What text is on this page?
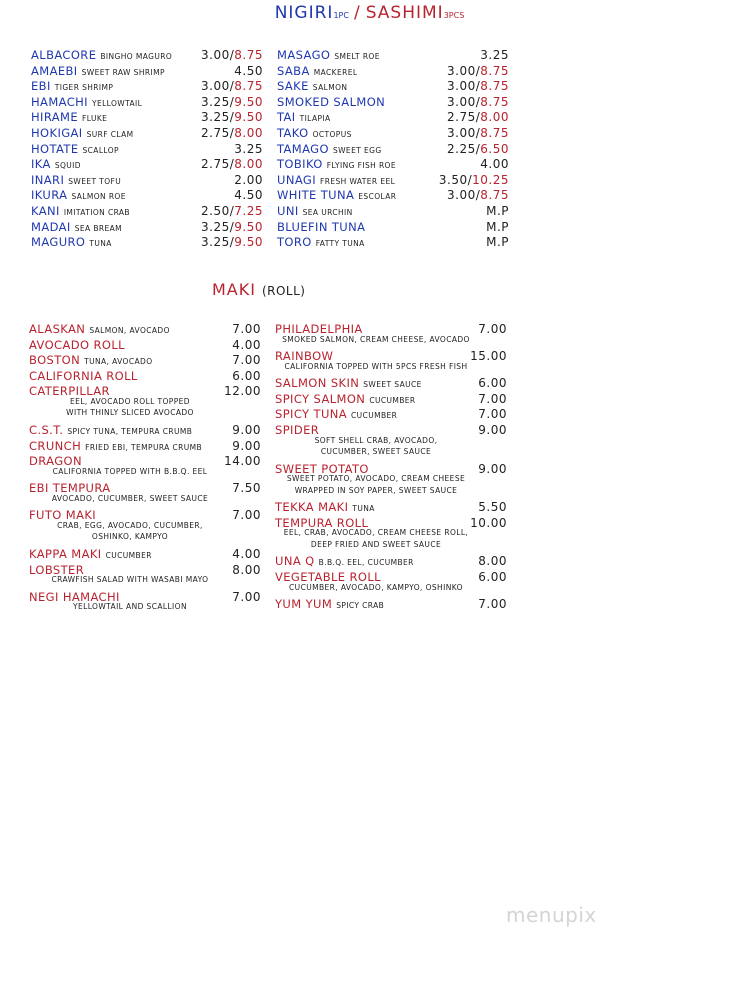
NIGIRI1PC / SASHIMI3PCS
ALBACORE BINGHO MAGURO 3.00/8.75
AMAEBI SWEET RAW SHRIMP	4.50
EBI TIGER SHRIMP	3.00/8.75
HAMACHI YELLOWTAIL	3.25/9.50
HIRAME FLUKE	3.25/9.50
HOKIGAI SURF CLAM	2.75/8.00
HOTATE SCALLOP	3.25
IKA SQUID	2.75/8.00
INARI SWEET TOFU	2.00
IKURA SALMON ROE	4.50
KANI IMITATION CRAB	2.50/7.25
MADAI SEA BREAM	3.25/9.50
MAGURO TUNA	3.25/9.50
MASAGO SMELT ROE	3.25
SABA MACKEREL	3.00/8.75
SAKE SALMON	3.00/8.75
SMOKED SALMON	3.00/8.75
TAI TILAPIA	2.75/8.00
TAKO OCTOPUS	3.00/8.75
TAMAGO SWEET EGG	2.25/6.50
TOBIKO FLYING FISH ROE	4.00
UNAGI FRESH WATER EEL	3.50/10.25
WHITE TUNA ESCOLAR	3.00/8.75
UNI SEA URCHIN	M.P
BLUEFIN TUNA	M.P
TORO FATTY TUNA	M.P
MAKI (ROLL)
ALASKAN SALMON, AVOCADO	7.00
AVOCADO ROLL	4.00
BOSTON TUNA, AVOCADO	7.00
CALIFORNIA ROLL	6.00
CATERPILLAR	12.00
EEL, AVOCADO ROLL TOPPED
WITH THINLY SLICED AVOCADO
C.S.T. SPICY TUNA, TEMPURA CRUMB	9.00
CRUNCH FRIED EBI, TEMPURA CRUMB	9.00
DRAGON	14.00
CALIFORNIA TOPPED WITH B.B.Q. EEL
EBI TEMPURA	7.50
AVOCADO, CUCUMBER, SWEET SAUCE
FUTO MAKI	7.00
CRAB, EGG, AVOCADO, CUCUMBER,
OSHINKO, KAMPYO
KAPPA MAKI CUCUMBER	4.00
LOBSTER	8.00
CRAWFISH SALAD WITH WASABI MAYO
NEGI HAMACHI	7.00
YELLOWTAIL AND SCALLION
PHILADELPHIA	7.00
SMOKED SALMON, CREAM CHEESE, AVOCADO
RAINBOW	15.00
CALIFORNIA TOPPED WITH 5PCS FRESH FISH
SALMON SKIN SWEET SAUCE	6.00
SPICY SALMON CUCUMBER	7.00
SPICY TUNA CUCUMBER	7.00
SPIDER	9.00
SOFT SHELL CRAB, AVOCADO,
CUCUMBER, SWEET SAUCE
SWEET POTATO	9.00
SWEET POTATO, AVOCADO, CREAM CHEESE
WRAPPED IN SOY PAPER, SWEET SAUCE
TEKKA MAKI TUNA	5.50
TEMPURA ROLL	10.00
EEL, CRAB, AVOCADO, CREAM CHEESE ROLL,
DEEP FRIED AND SWEET SAUCE
UNA Q B.B.Q. EEL, CUCUMBER	8.00
VEGETABLE ROLL	6.00
CUCUMBER, AVOCADO, KAMPYO, OSHINKO
YUM YUM SPICY CRAB	7.00
menupix
